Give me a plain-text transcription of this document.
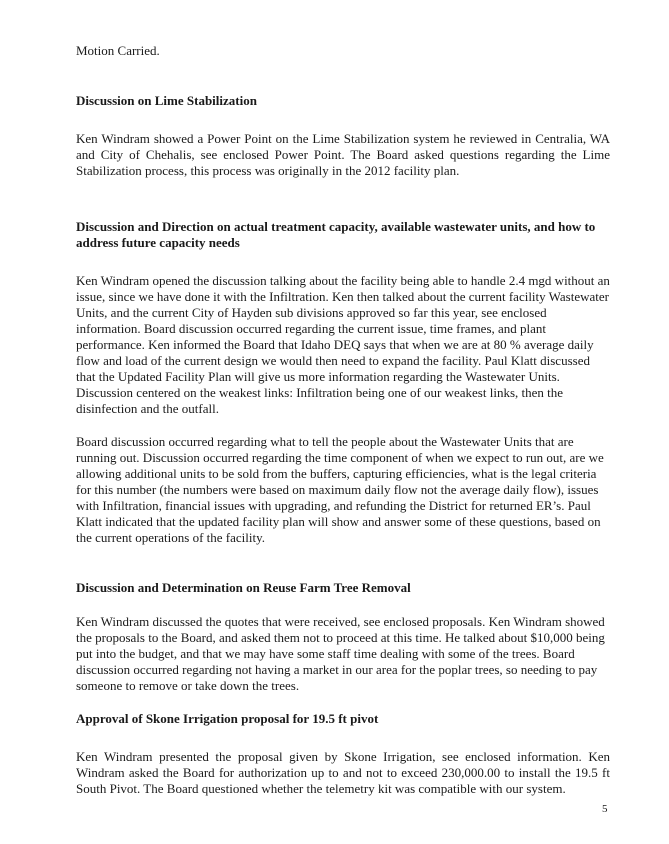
Motion Carried.

Discussion on Lime Stabilization

Ken Windram showed a Power Point on the Lime Stabilization system he reviewed in Centralia, WA and City of Chehalis, see enclosed Power Point. The Board asked questions regarding the Lime Stabilization process, this process was originally in the 2012 facility plan.

Discussion and Direction on actual treatment capacity, available wastewater units, and how to address future capacity needs

Ken Windram opened the discussion talking about the facility being able to handle 2.4 mgd without an issue, since we have done it with the Infiltration. Ken then talked about the current facility Wastewater Units, and the current City of Hayden sub divisions approved so far this year, see enclosed information. Board discussion occurred regarding the current issue, time frames, and plant performance. Ken informed the Board that Idaho DEQ says that when we are at 80 % average daily flow and load of the current design we would then need to expand the facility. Paul Klatt discussed that the Updated Facility Plan will give us more information regarding the Wastewater Units. Discussion centered on the weakest links: Infiltration being one of our weakest links, then the disinfection and the outfall.

Board discussion occurred regarding what to tell the people about the Wastewater Units that are running out. Discussion occurred regarding the time component of when we expect to run out, are we allowing additional units to be sold from the buffers, capturing efficiencies, what is the legal criteria for this number (the numbers were based on maximum daily flow not the average daily flow), issues with Infiltration, financial issues with upgrading, and refunding the District for returned ER’s. Paul Klatt indicated that the updated facility plan will show and answer some of these questions, based on the current operations of the facility.

Discussion and Determination on Reuse Farm Tree Removal

Ken Windram discussed the quotes that were received, see enclosed proposals. Ken Windram showed the proposals to the Board, and asked them not to proceed at this time. He talked about $10,000 being put into the budget, and that we may have some staff time dealing with some of the trees. Board discussion occurred regarding not having a market in our area for the poplar trees, so needing to pay someone to remove or take down the trees.

Approval of Skone Irrigation proposal for 19.5 ft pivot

Ken Windram presented the proposal given by Skone Irrigation, see enclosed information. Ken Windram asked the Board for authorization up to and not to exceed 230,000.00 to install the 19.5 ft South Pivot. The Board questioned whether the telemetry kit was compatible with our system.

5
